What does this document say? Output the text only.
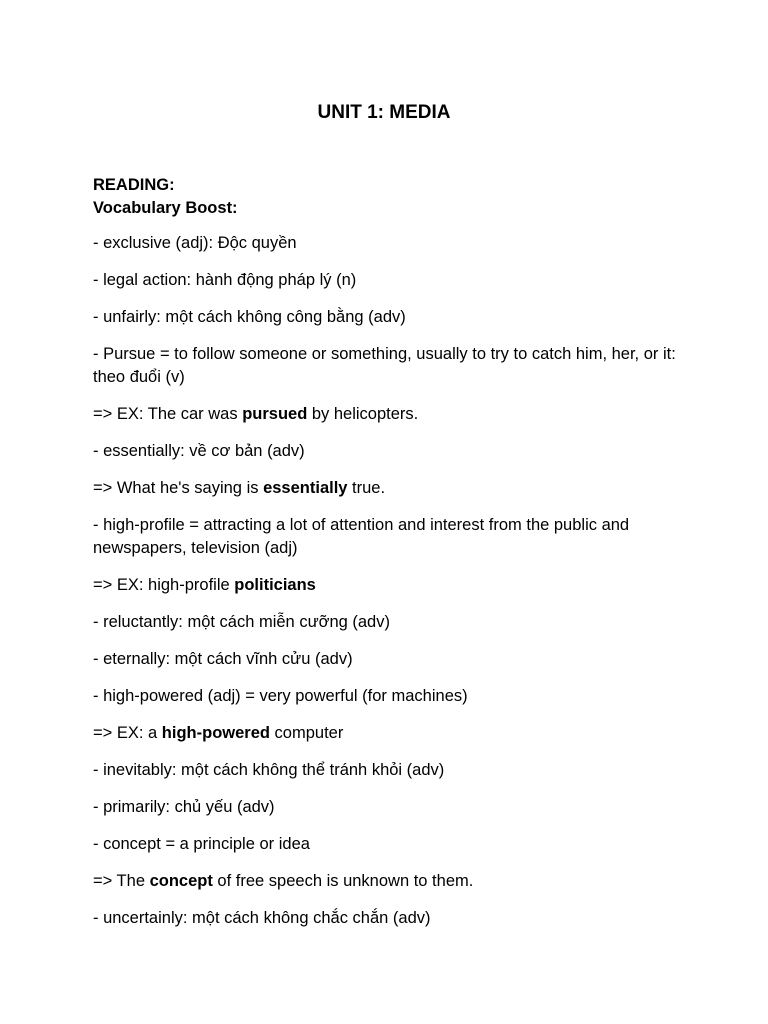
UNIT 1: MEDIA
READING:
Vocabulary Boost:
- exclusive (adj): Độc quyền
- legal action: hành động pháp lý (n)
- unfairly: một cách không công bằng (adv)
- Pursue = to follow someone or something, usually to try to catch him, her, or it: theo đuổi (v)
=> EX: The car was pursued by helicopters.
- essentially: về cơ bản (adv)
=> What he's saying is essentially true.
- high-profile = attracting a lot of attention and interest from the public and newspapers, television (adj)
=> EX: high-profile politicians
- reluctantly: một cách miễn cưỡng (adv)
- eternally: một cách vĩnh cửu (adv)
- high-powered (adj) = very powerful (for machines)
=> EX: a high-powered computer
- inevitably: một cách không thể tránh khỏi (adv)
- primarily: chủ yếu (adv)
- concept = a principle or idea
=> The concept of free speech is unknown to them.
- uncertainly: một cách không chắc chắn (adv)
